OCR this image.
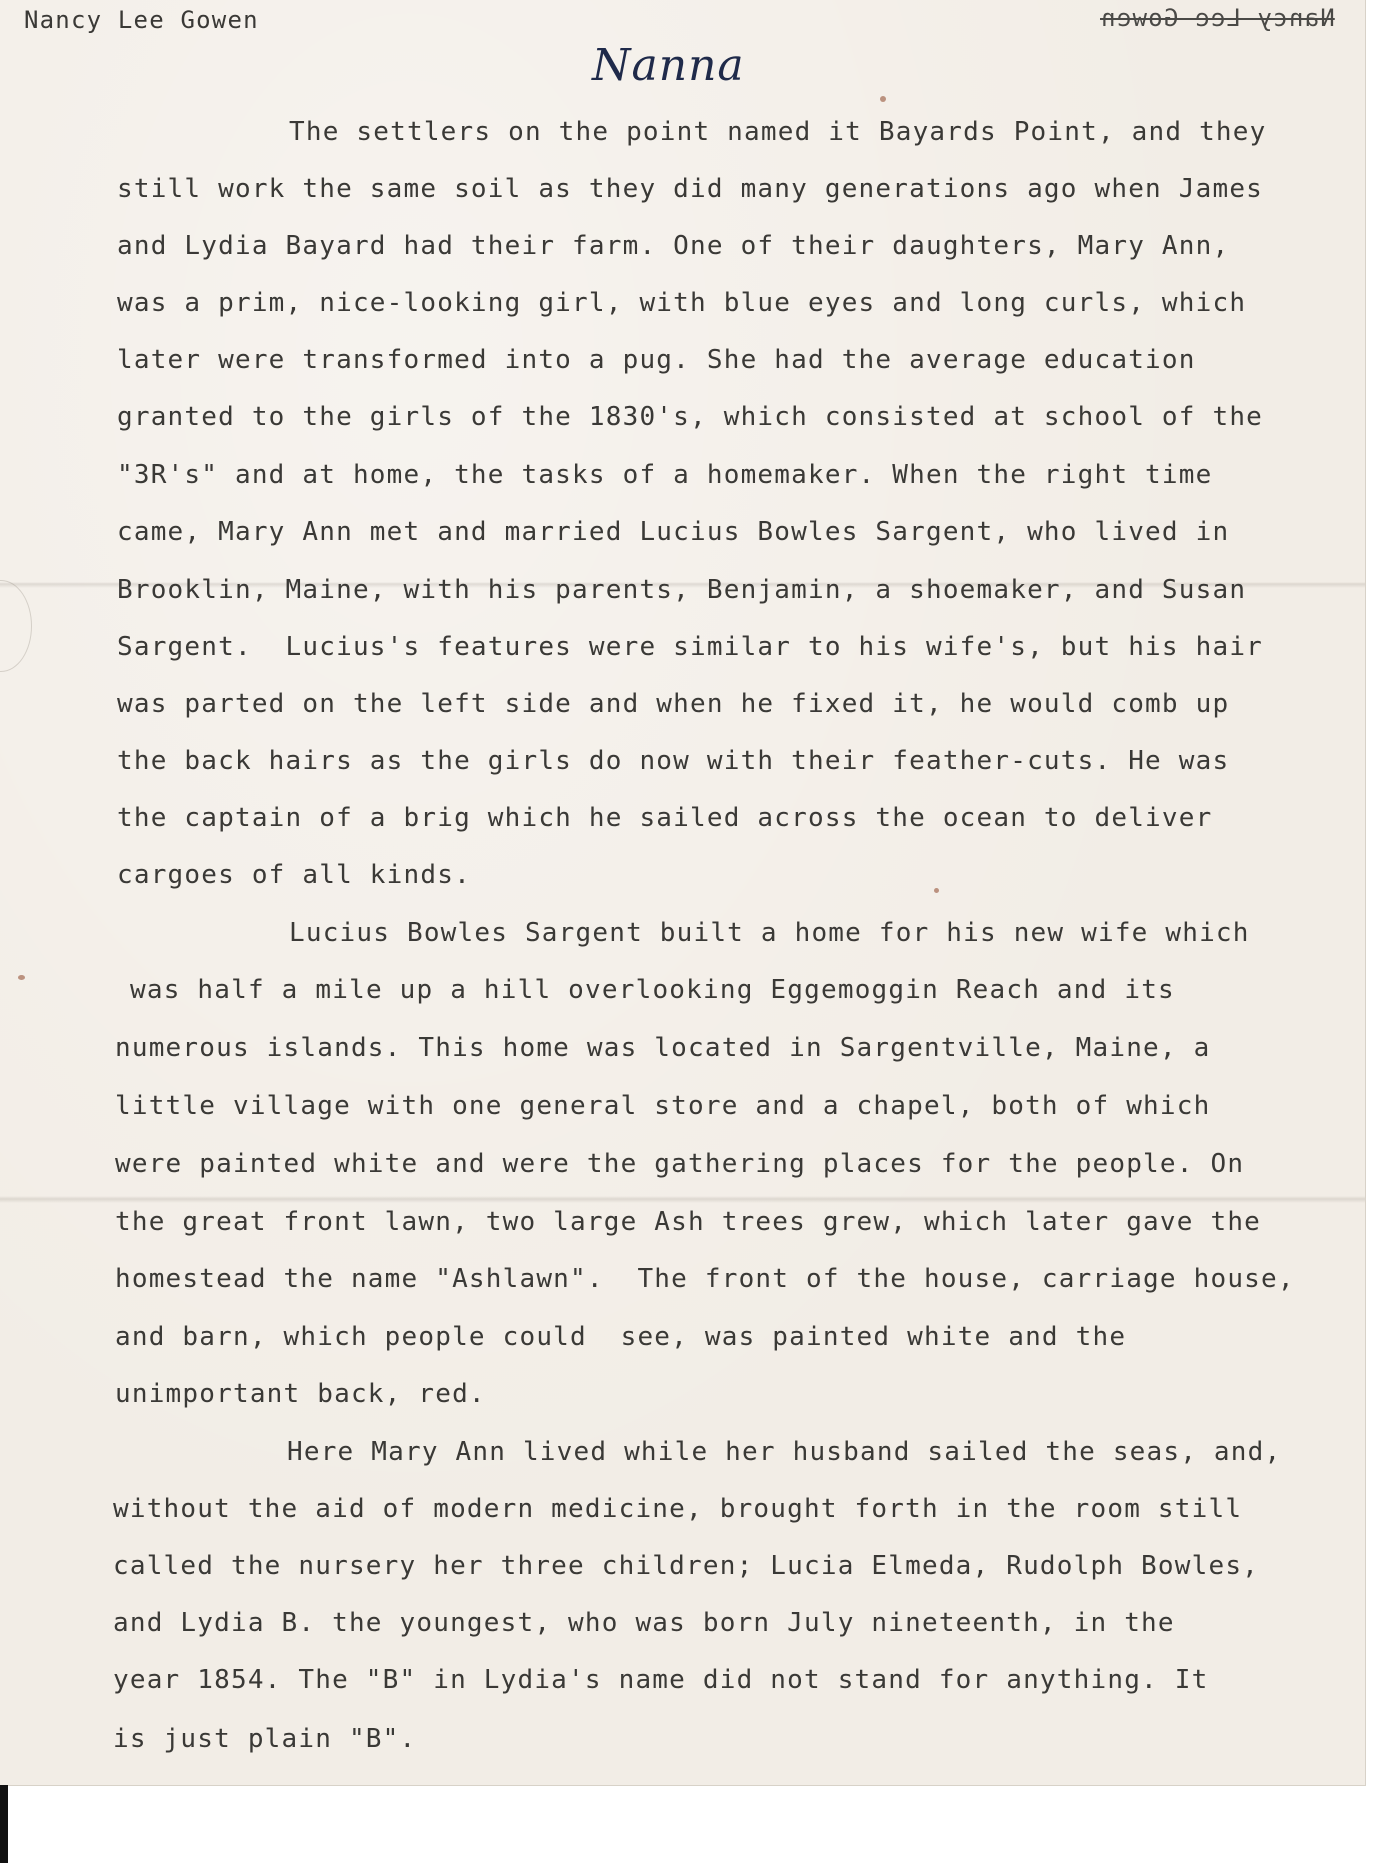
Nancy Lee Gowen	Nancy Lee Gowen
Nanna
The settlers on the point named it Bayards Point, and they
still work the same soil as they did many generations ago when James
and Lydia Bayard had their farm. One of their daughters, Mary Ann,
was a prim, nice-looking girl, with blue eyes and long curls, which
later were transformed into a pug. She had the average education
granted to the girls of the 1830's, which consisted at school of the
"3R's" and at home, the tasks of a homemaker. When the right time
came, Mary Ann met and married Lucius Bowles Sargent, who lived in
Brooklin, Maine, with his parents, Benjamin, a shoemaker, and Susan
Sargent.  Lucius's features were similar to his wife's, but his hair
was parted on the left side and when he fixed it, he would comb up
the back hairs as the girls do now with their feather-cuts. He was
the captain of a brig which he sailed across the ocean to deliver
cargoes of all kinds.
Lucius Bowles Sargent built a home for his new wife which
was half a mile up a hill overlooking Eggemoggin Reach and its
numerous islands. This home was located in Sargentville, Maine, a
little village with one general store and a chapel, both of which
were painted white and were the gathering places for the people. On
the great front lawn, two large Ash trees grew, which later gave the
homestead the name "Ashlawn".  The front of the house, carriage house,
and barn, which people could  see, was painted white and the
unimportant back, red.
Here Mary Ann lived while her husband sailed the seas, and,
without the aid of modern medicine, brought forth in the room still
called the nursery her three children; Lucia Elmeda, Rudolph Bowles,
and Lydia B. the youngest, who was born July nineteenth, in the
year 1854. The "B" in Lydia's name did not stand for anything. It
is just plain "B".
